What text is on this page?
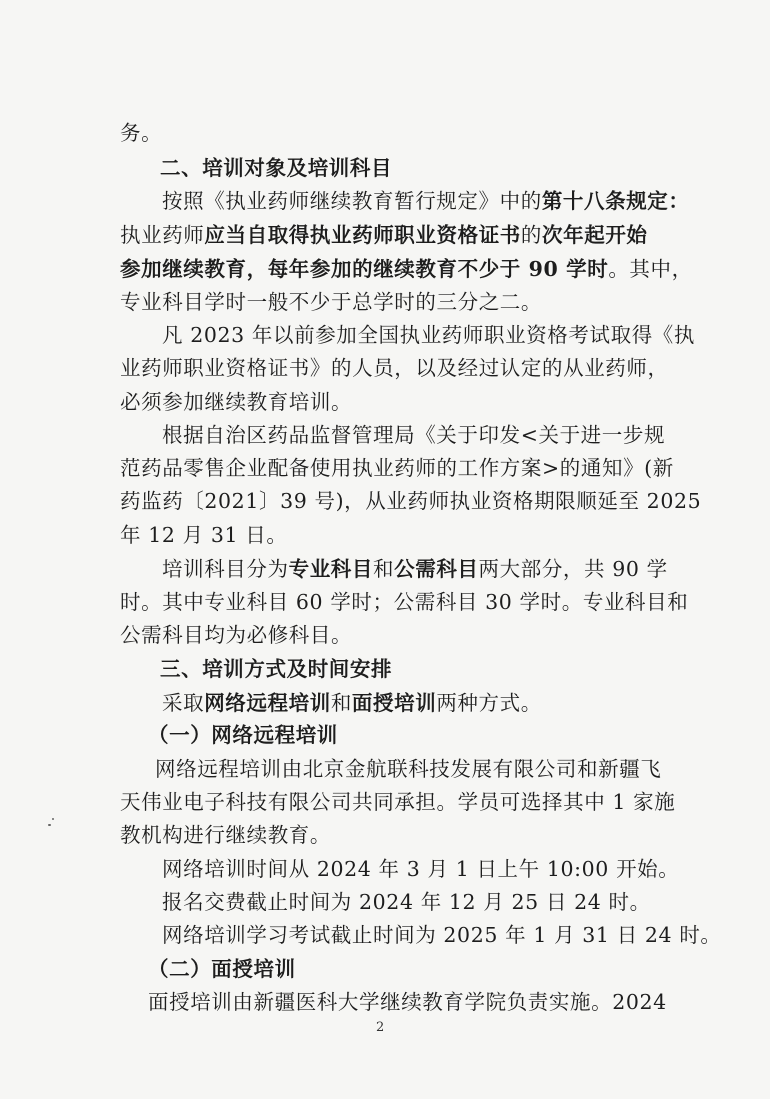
务。
二、培训对象及培训科目
按照《执业药师继续教育暂行规定》中的第十八条规定：
执业药师应当自取得执业药师职业资格证书的次年起开始
参加继续教育，每年参加的继续教育不少于 90 学时。其中，
专业科目学时一般不少于总学时的三分之二。
凡 2023 年以前参加全国执业药师职业资格考试取得《执
业药师职业资格证书》的人员，以及经过认定的从业药师，
必须参加继续教育培训。
根据自治区药品监督管理局《关于印发<关于进一步规
范药品零售企业配备使用执业药师的工作方案>的通知》(新
药监药〔2021〕39 号)，从业药师执业资格期限顺延至 2025
年 12 月 31 日。
培训科目分为专业科目和公需科目两大部分，共 90 学
时。其中专业科目 60 学时；公需科目 30 学时。专业科目和
公需科目均为必修科目。
三、培训方式及时间安排
采取网络远程培训和面授培训两种方式。
（一）网络远程培训
网络远程培训由北京金航联科技发展有限公司和新疆飞
天伟业电子科技有限公司共同承担。学员可选择其中 1 家施
教机构进行继续教育。
网络培训时间从 2024 年 3 月 1 日上午 10:00 开始。
报名交费截止时间为 2024 年 12 月 25 日 24 时。
网络培训学习考试截止时间为 2025 年 1 月 31 日 24 时。
（二）面授培训
面授培训由新疆医科大学继续教育学院负责实施。2024
2
